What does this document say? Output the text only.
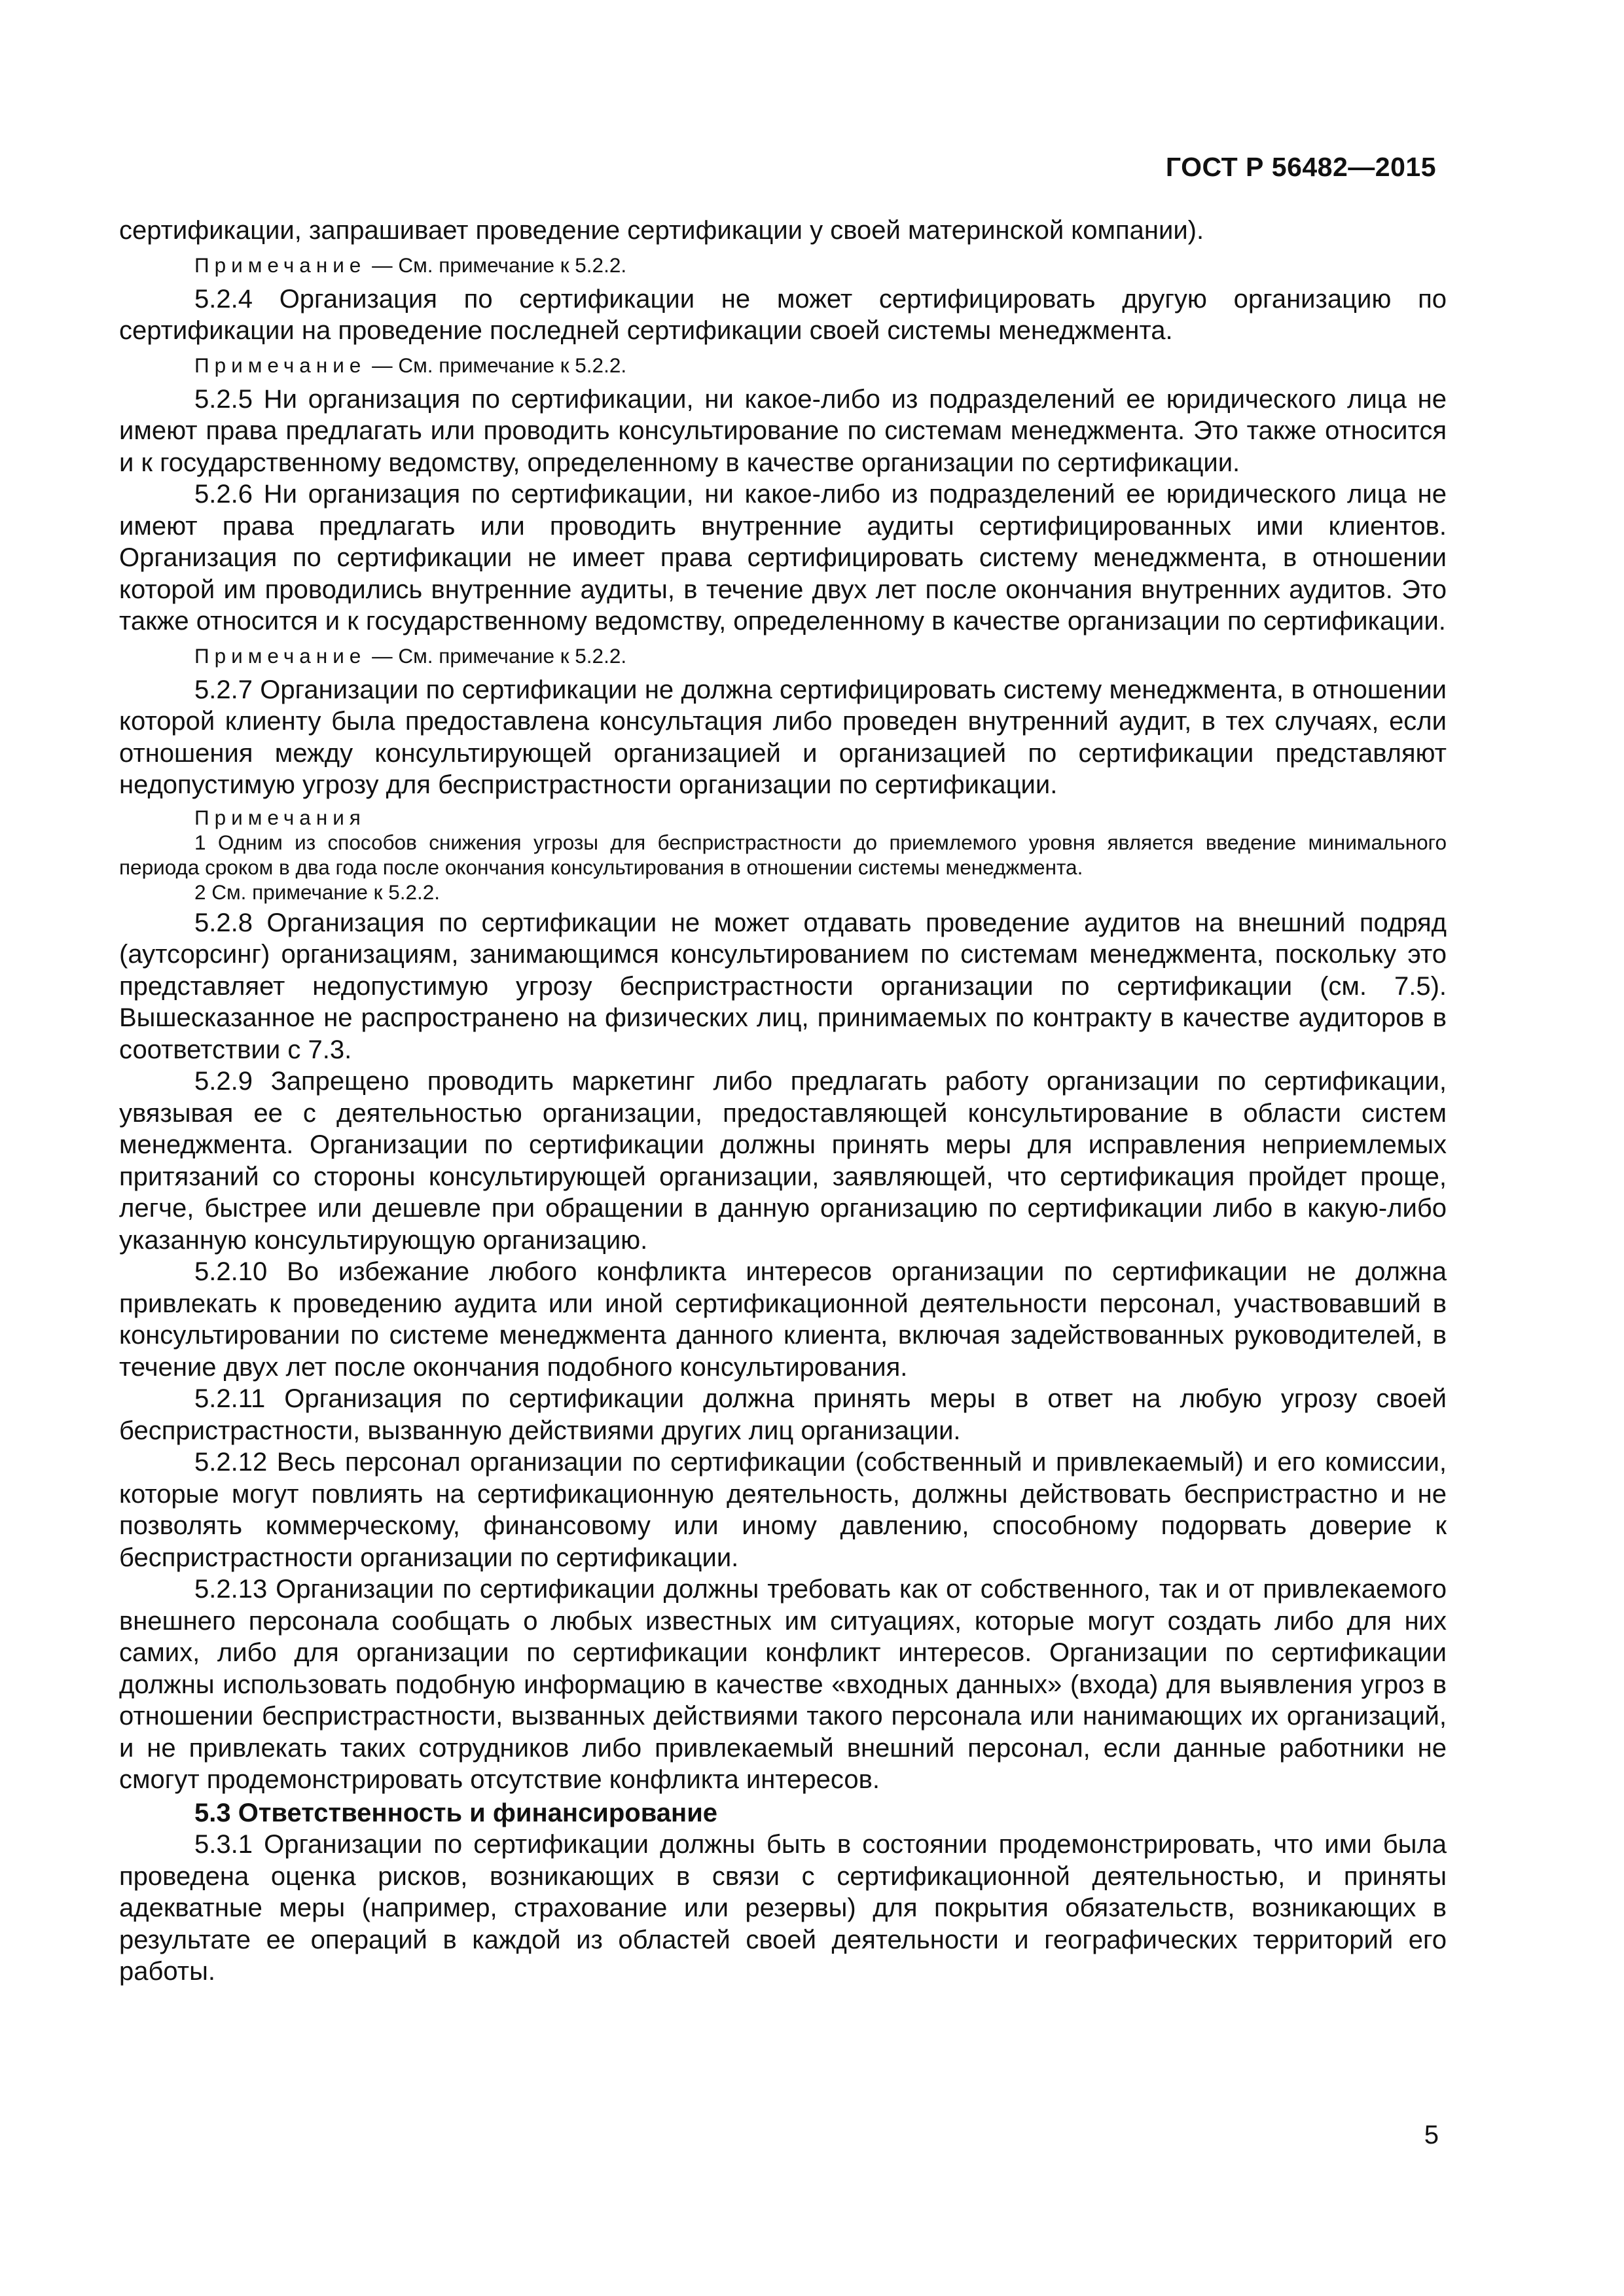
ГОСТ Р 56482—2015

сертификации, запрашивает проведение сертификации у своей материнской компании).

Примечание — См. примечание к 5.2.2.

5.2.4 Организация по сертификации не может сертифицировать другую организацию по сертификации на проведение последней сертификации своей системы менеджмента.

Примечание — См. примечание к 5.2.2.

5.2.5 Ни организация по сертификации, ни какое-либо из подразделений ее юридического лица не имеют права предлагать или проводить консультирование по системам менеджмента. Это также относится и к государственному ведомству, определенному в качестве организации по сертификации.

5.2.6 Ни организация по сертификации, ни какое-либо из подразделений ее юридического лица не имеют права предлагать или проводить внутренние аудиты сертифицированных ими клиентов. Организация по сертификации не имеет права сертифицировать систему менеджмента, в отношении которой им проводились внутренние аудиты, в течение двух лет после окончания внутренних аудитов. Это также относится и к государственному ведомству, определенному в качестве организации по сертификации.

Примечание — См. примечание к 5.2.2.

5.2.7 Организации по сертификации не должна сертифицировать систему менеджмента, в отношении которой клиенту была предоставлена консультация либо проведен внутренний аудит, в тех случаях, если отношения между консультирующей организацией и организацией по сертификации представляют недопустимую угрозу для беспристрастности организации по сертификации.

Примечания

1 Одним из способов снижения угрозы для беспристрастности до приемлемого уровня является введение минимального периода сроком в два года после окончания консультирования в отношении системы менеджмента.

2 См. примечание к 5.2.2.

5.2.8 Организация по сертификации не может отдавать проведение аудитов на внешний подряд (аутсорсинг) организациям, занимающимся консультированием по системам менеджмента, поскольку это представляет недопустимую угрозу беспристрастности организации по сертификации (см. 7.5). Вышесказанное не распространено на физических лиц, принимаемых по контракту в качестве аудиторов в соответствии с 7.3.

5.2.9 Запрещено проводить маркетинг либо предлагать работу организации по сертификации, увязывая ее с деятельностью организации, предоставляющей консультирование в области систем менеджмента. Организации по сертификации должны принять меры для исправления неприемлемых притязаний со стороны консультирующей организации, заявляющей, что сертификация пройдет проще, легче, быстрее или дешевле при обращении в данную организацию по сертификации либо в какую-либо указанную консультирующую организацию.

5.2.10 Во избежание любого конфликта интересов организации по сертификации не должна привлекать к проведению аудита или иной сертификационной деятельности персонал, участвовавший в консультировании по системе менеджмента данного клиента, включая задействованных руководителей, в течение двух лет после окончания подобного консультирования.

5.2.11 Организация по сертификации должна принять меры в ответ на любую угрозу своей беспристрастности, вызванную действиями других лиц организации.

5.2.12 Весь персонал организации по сертификации (собственный и привлекаемый) и его комиссии, которые могут повлиять на сертификационную деятельность, должны действовать беспристрастно и не позволять коммерческому, финансовому или иному давлению, способному подорвать доверие к беспристрастности организации по сертификации.

5.2.13 Организации по сертификации должны требовать как от собственного, так и от привлекаемого внешнего персонала сообщать о любых известных им ситуациях, которые могут создать либо для них самих, либо для организации по сертификации конфликт интересов. Организации по сертификации должны использовать подобную информацию в качестве «входных данных» (входа) для выявления угроз в отношении беспристрастности, вызванных действиями такого персонала или нанимающих их организаций, и не привлекать таких сотрудников либо привлекаемый внешний персонал, если данные работники не смогут продемонстрировать отсутствие конфликта интересов.

5.3 Ответственность и финансирование

5.3.1 Организации по сертификации должны быть в состоянии продемонстрировать, что ими была проведена оценка рисков, возникающих в связи с сертификационной деятельностью, и приняты адекватные меры (например, страхование или резервы) для покрытия обязательств, возникающих в результате ее операций в каждой из областей своей деятельности и географических территорий его работы.

5
